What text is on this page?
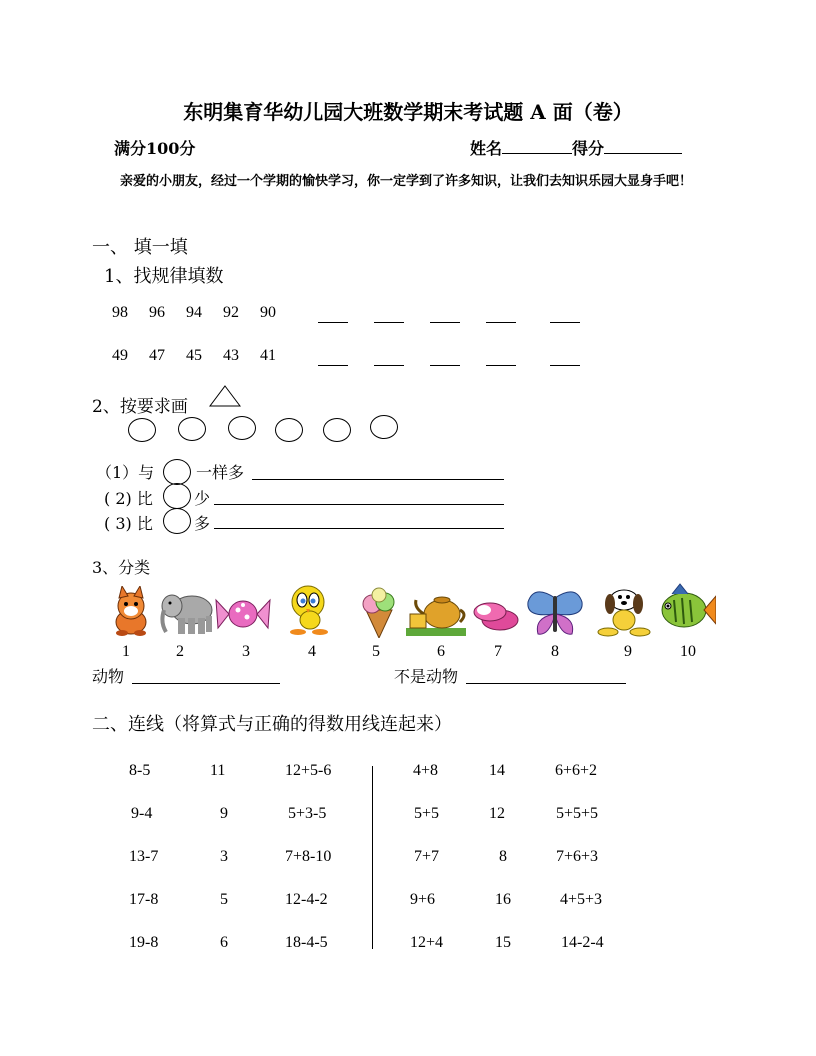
东明集育华幼儿园大班数学期末考试题 A 面（卷）
满分100分	姓名	得分
亲爱的小朋友，经过一个学期的愉快学习，你一定学到了许多知识，让我们去知识乐园大显身手吧！
一、 填一填
1、找规律填数
98 96 94 92 90
49 47 45 43 41
2、按要求画
（1）与	一样多
( 2) 比	少
( 3) 比	多
3、分类
1	2	3	4	5	6	7	8	9	10
动物	不是动物
二、连线（将算式与正确的得数用线连起来）
8-5	11	12+5-6
9-4	9	5+3-5
13-7	3	7+8-10
17-8	5	12-4-2
19-8	6	18-4-5
4+8	14	6+6+2
5+5	12	5+5+5
7+7	8	7+6+3
9+6	16	4+5+3
12+4	15	14-2-4
